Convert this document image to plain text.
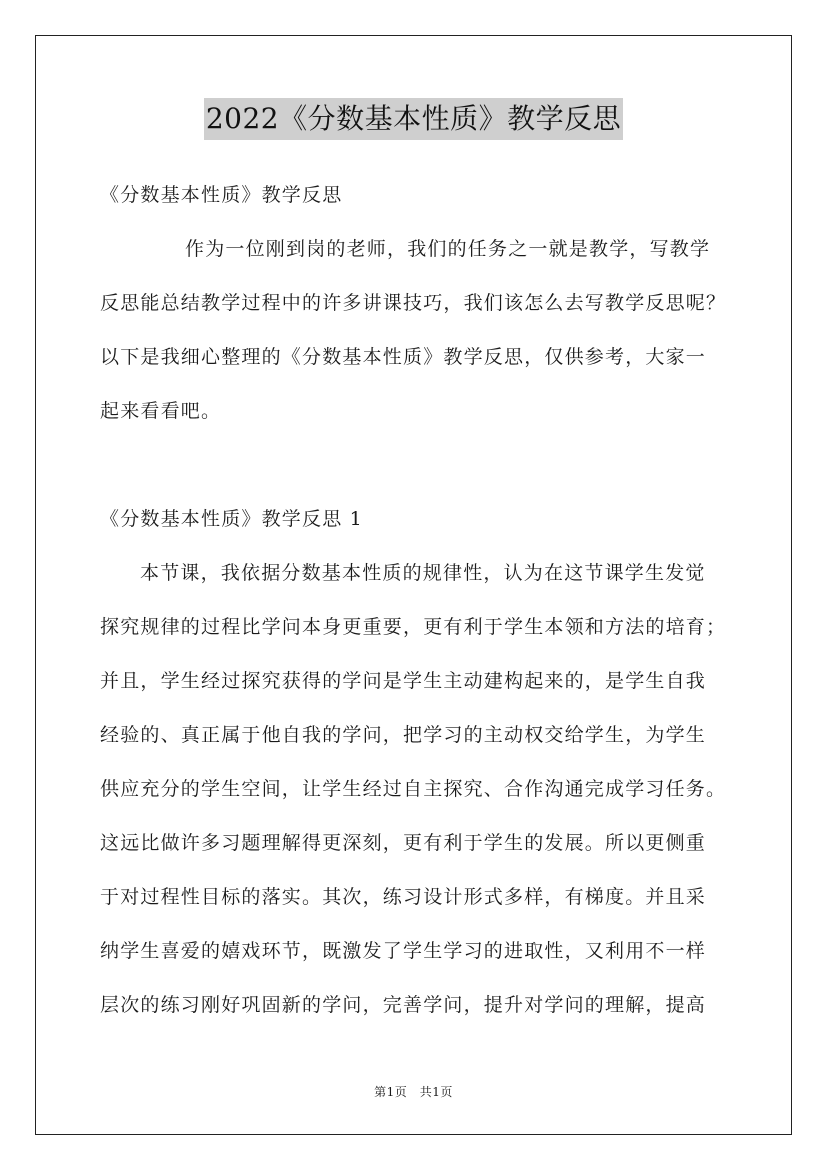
2022《分数基本性质》教学反思
《分数基本性质》教学反思
作为一位刚到岗的老师，我们的任务之一就是教学，写教学
反思能总结教学过程中的许多讲课技巧，我们该怎么去写教学反思呢？
以下是我细心整理的《分数基本性质》教学反思，仅供参考，大家一
起来看看吧。
《分数基本性质》教学反思 1
本节课，我依据分数基本性质的规律性，认为在这节课学生发觉
探究规律的过程比学问本身更重要，更有利于学生本领和方法的培育；
并且，学生经过探究获得的学问是学生主动建构起来的，是学生自我
经验的、真正属于他自我的学问，把学习的主动权交给学生，为学生
供应充分的学生空间，让学生经过自主探究、合作沟通完成学习任务。
这远比做许多习题理解得更深刻，更有利于学生的发展。所以更侧重
于对过程性目标的落实。其次，练习设计形式多样，有梯度。并且采
纳学生喜爱的嬉戏环节，既激发了学生学习的进取性，又利用不一样
层次的练习刚好巩固新的学问，完善学问，提升对学问的理解，提高
第1页　共1页
